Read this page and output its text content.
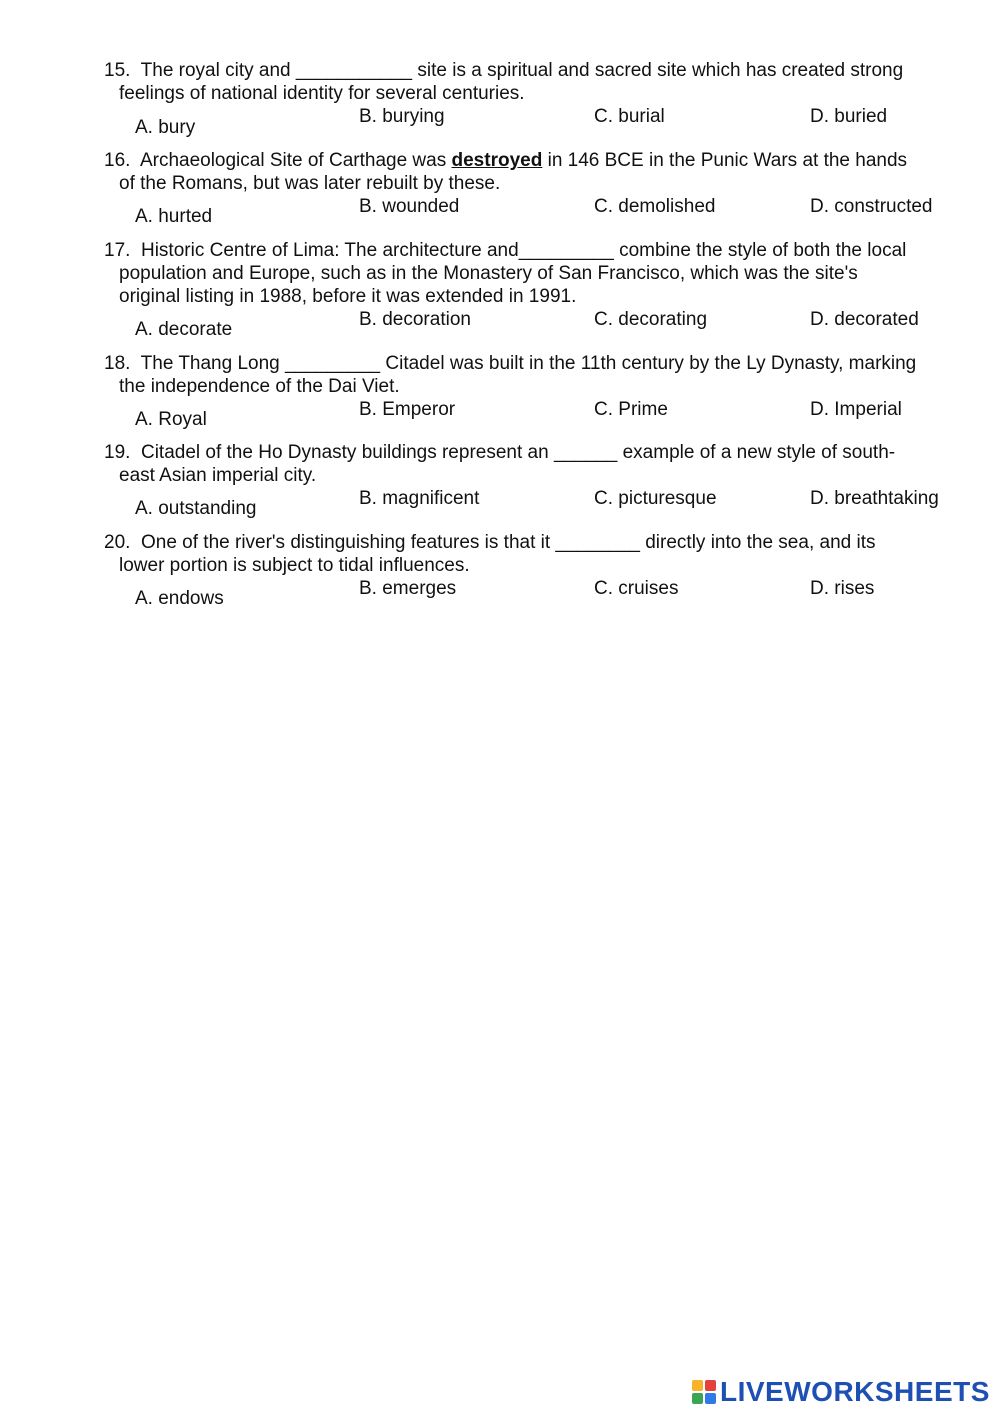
15. The royal city and ___________ site is a spiritual and sacred site which has created strong
feelings of national identity for several centuries.

A. bury
B. burying	C. burial	D. buried

16. Archaeological Site of Carthage was destroyed in 146 BCE in the Punic Wars at the hands
of the Romans, but was later rebuilt by these.

A. hurted	B. wounded	C. demolished	D. constructed

17. Historic Centre of Lima: The architecture and_________ combine the style of both the local
population and Europe, such as in the Monastery of San Francisco, which was the site's
original listing in 1988, before it was extended in 1991.

A. decorate	B. decoration	C. decorating	D. decorated

18. The Thang Long _________ Citadel was built in the 11th century by the Ly Dynasty, marking
the independence of the Dai Viet.

A. Royal	B. Emperor	C. Prime	D. Imperial

19. Citadel of the Ho Dynasty buildings represent an ______ example of a new style of south-
east Asian imperial city.

A. outstanding	B. magnificent	C. picturesque	D. breathtaking

20. One of the river's distinguishing features is that it ________ directly into the sea, and its
lower portion is subject to tidal influences.

A. endows	B. emerges	C. cruises	D. rises
LIVEWORKSHEETS
